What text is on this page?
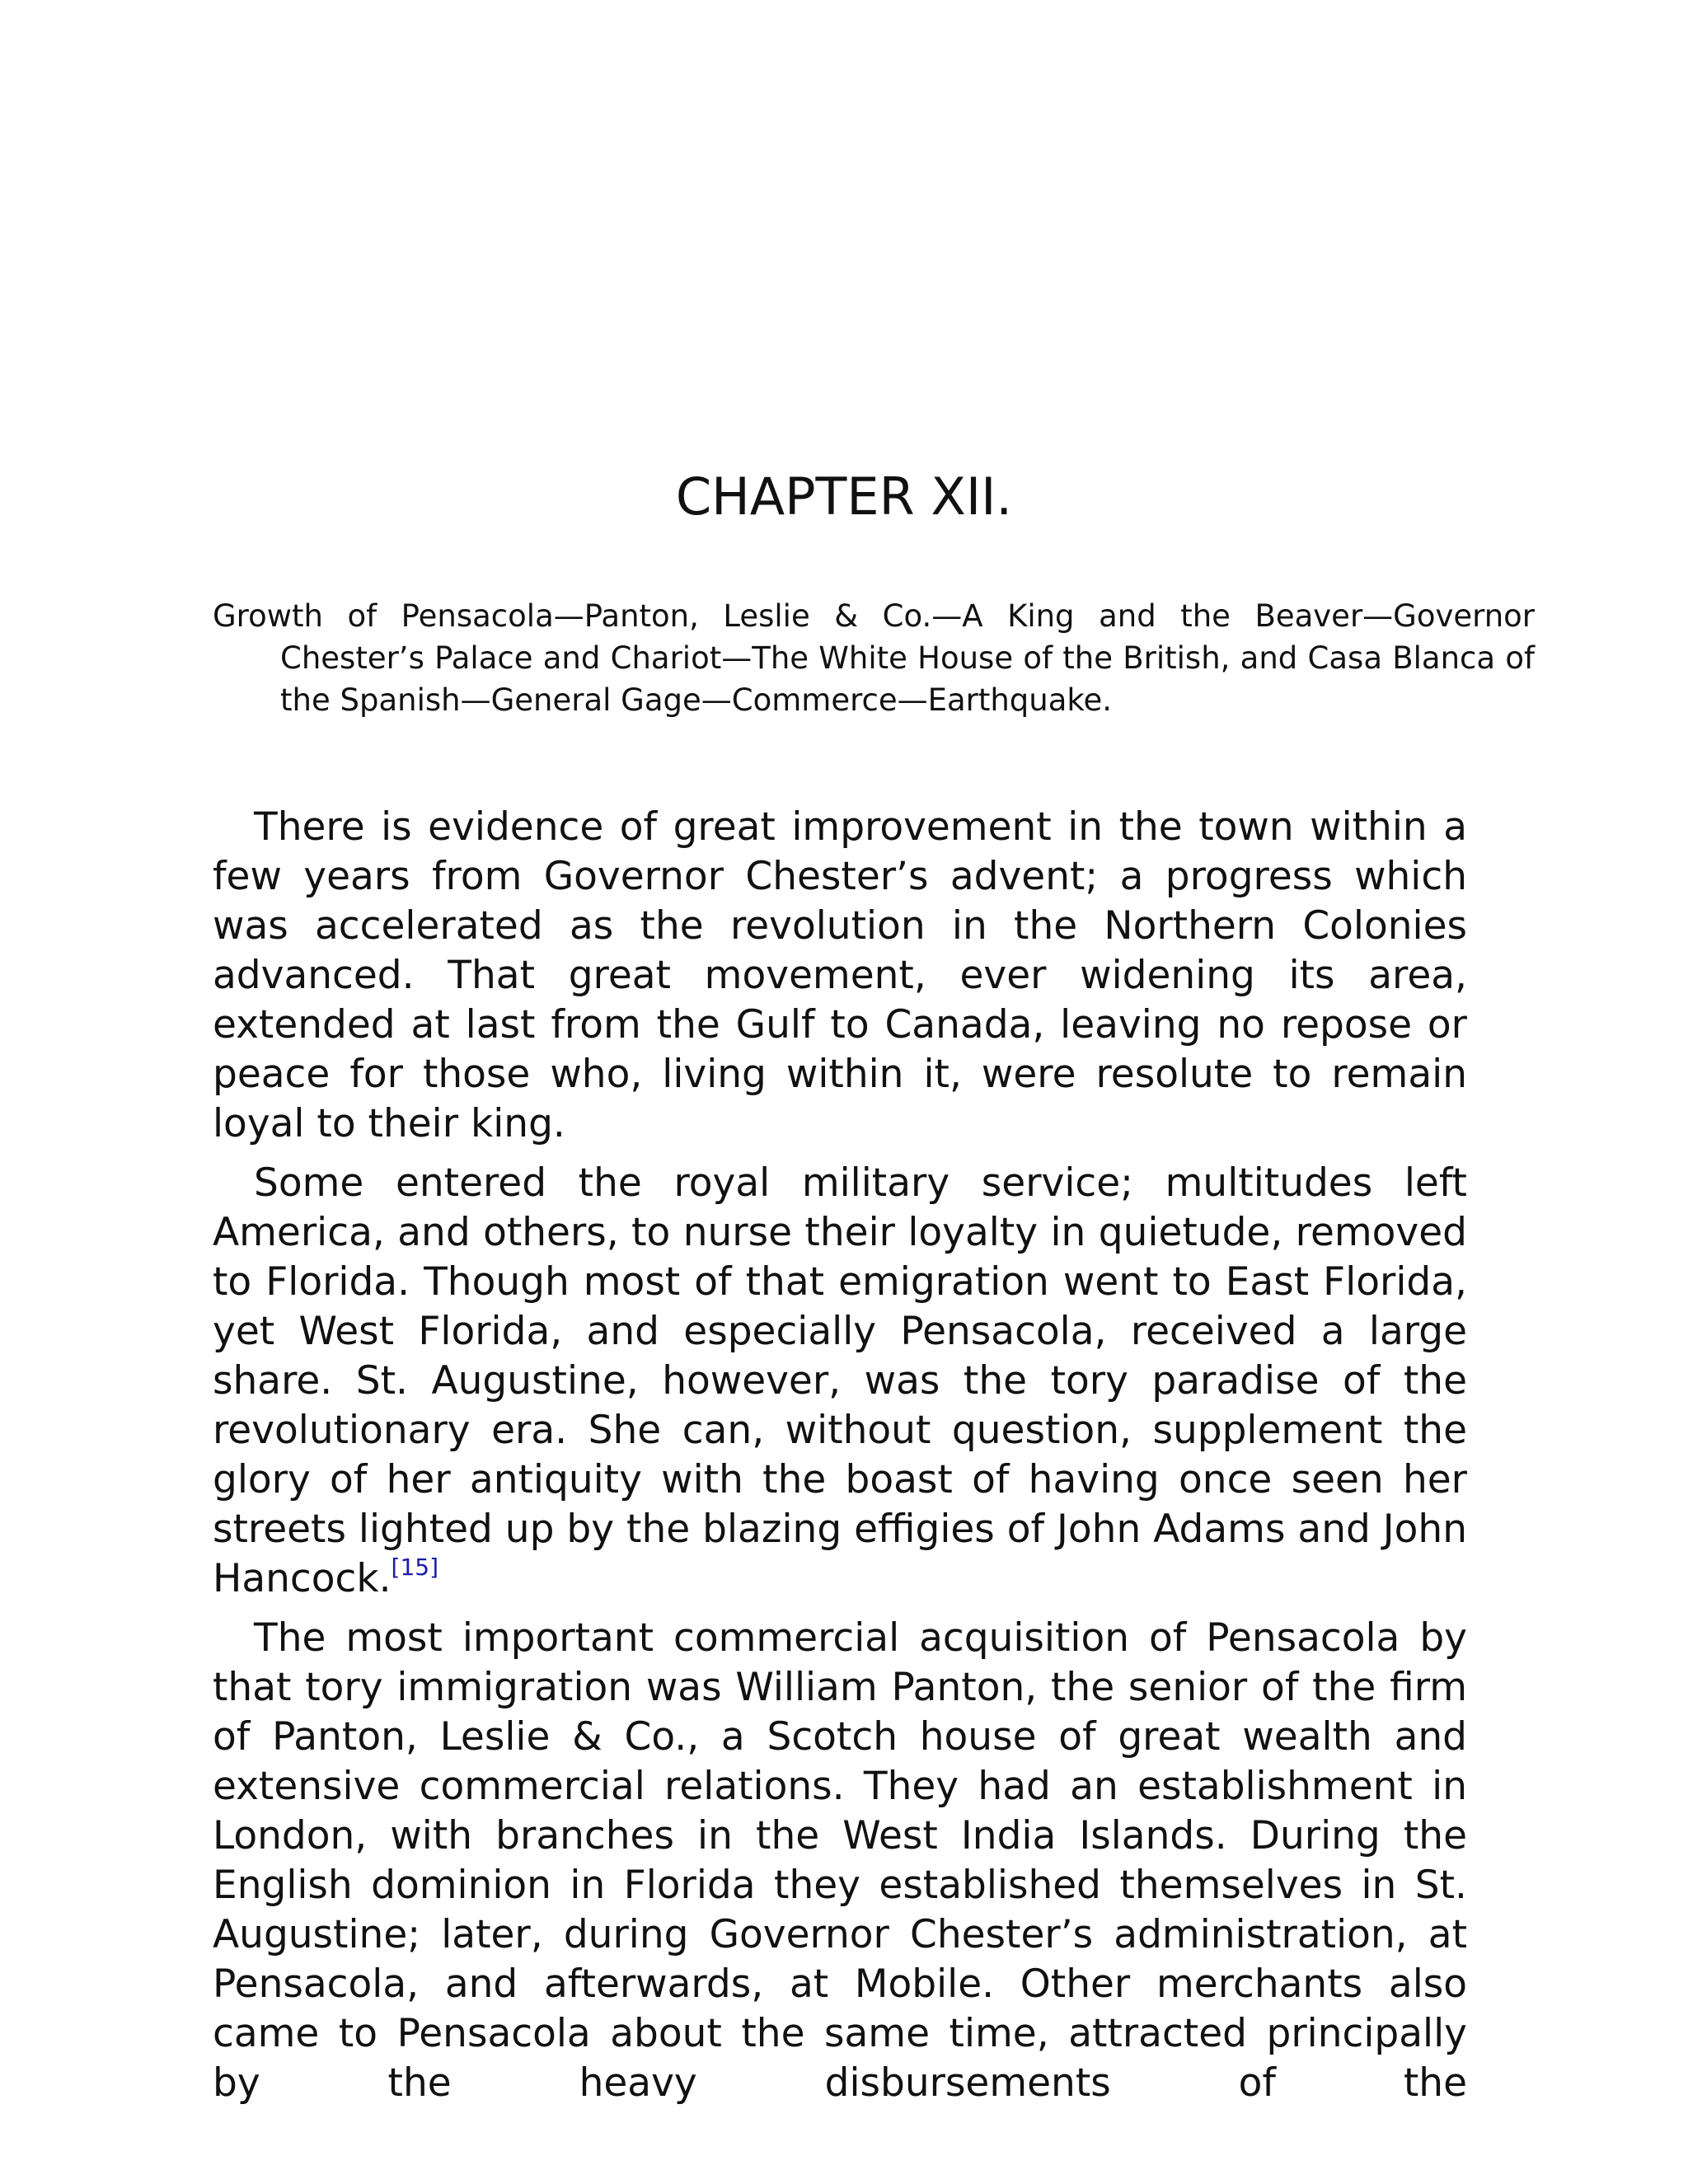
CHAPTER XII.

Growth of Pensacola—Panton, Leslie & Co.—A King and the Beaver—Governor Chester’s Palace and Chariot—The White House of the British, and Casa Blanca of the Spanish—General Gage—Commerce—Earthquake.

There is evidence of great improvement in the town within a few years from Governor Chester’s advent; a progress which was accelerated as the revolution in the Northern Colonies advanced. That great movement, ever widening its area, extended at last from the Gulf to Canada, leaving no repose or peace for those who, living within it, were resolute to remain loyal to their king.

Some entered the royal military service; multitudes left America, and others, to nurse their loyalty in quietude, removed to Florida. Though most of that emigration went to East Florida, yet West Florida, and especially Pensacola, received a large share. St. Augustine, however, was the tory paradise of the revolutionary era. She can, without question, supplement the glory of her antiquity with the boast of having once seen her streets lighted up by the blazing effigies of John Adams and John Hancock.[15]

The most important commercial acquisition of Pensacola by that tory immigration was William Panton, the senior of the firm of Panton, Leslie & Co., a Scotch house of great wealth and extensive commercial relations. They had an establishment in London, with branches in the West India Islands. During the English dominion in Florida they established themselves in St. Augustine; later, during Governor Chester’s administration, at Pensacola, and afterwards, at Mobile. Other merchants also came to Pensacola about the same time, attracted principally by the heavy disbursements of the
